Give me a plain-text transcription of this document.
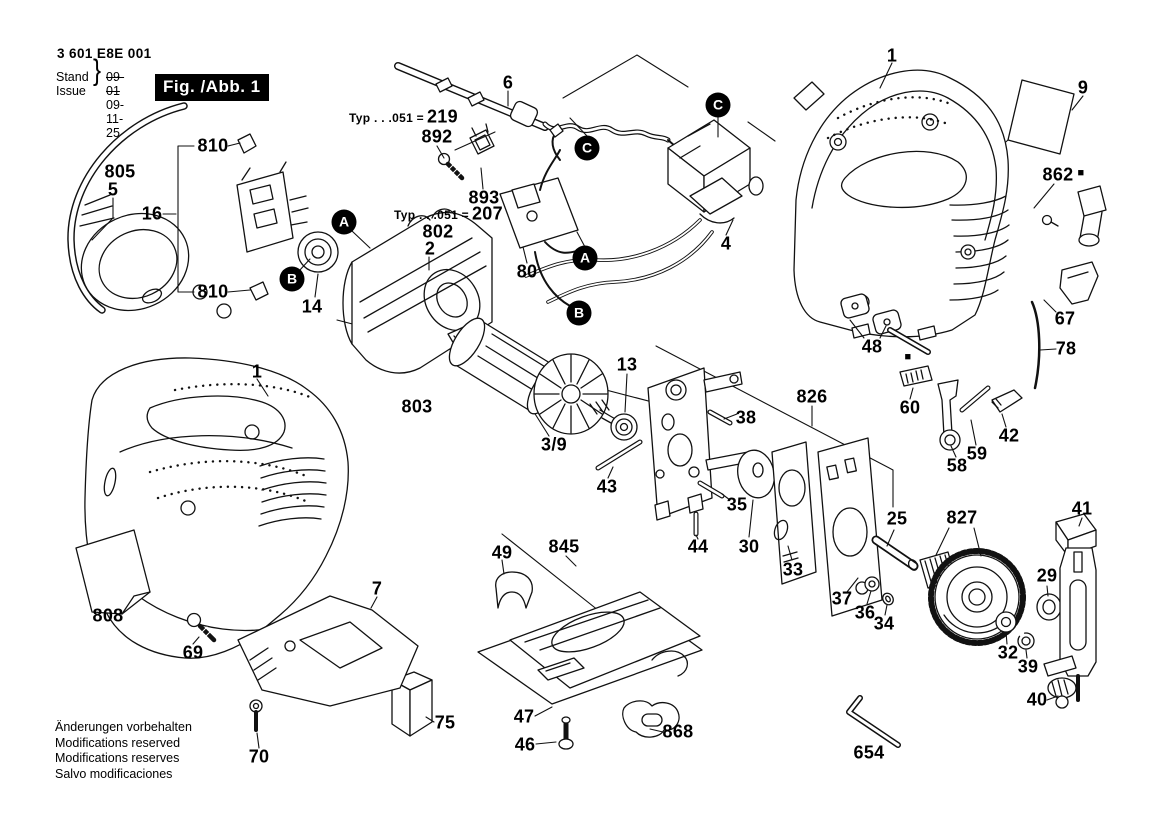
3 601 E8E 001
Stand
Issue
} 09-01
09-11-25
Fig. /Abb. 1
805
5
16
810
810
6
Typ . . .051 = 219
892
893
Typ . . .051 = 207
802
2
14
80
4
1
9
862 ■
67
78
48
■
60
58
59
42
13
826
38
43
35
44 30
33
25 827	41
29
37
36
34
32
39
40
654
803
3/9
1
808
69
7
75
70
49 845
47
46
868
A
B
A
B
C
C
Änderungen vorbehalten
Modifications reserved
Modifications reserves
Salvo modificaciones
